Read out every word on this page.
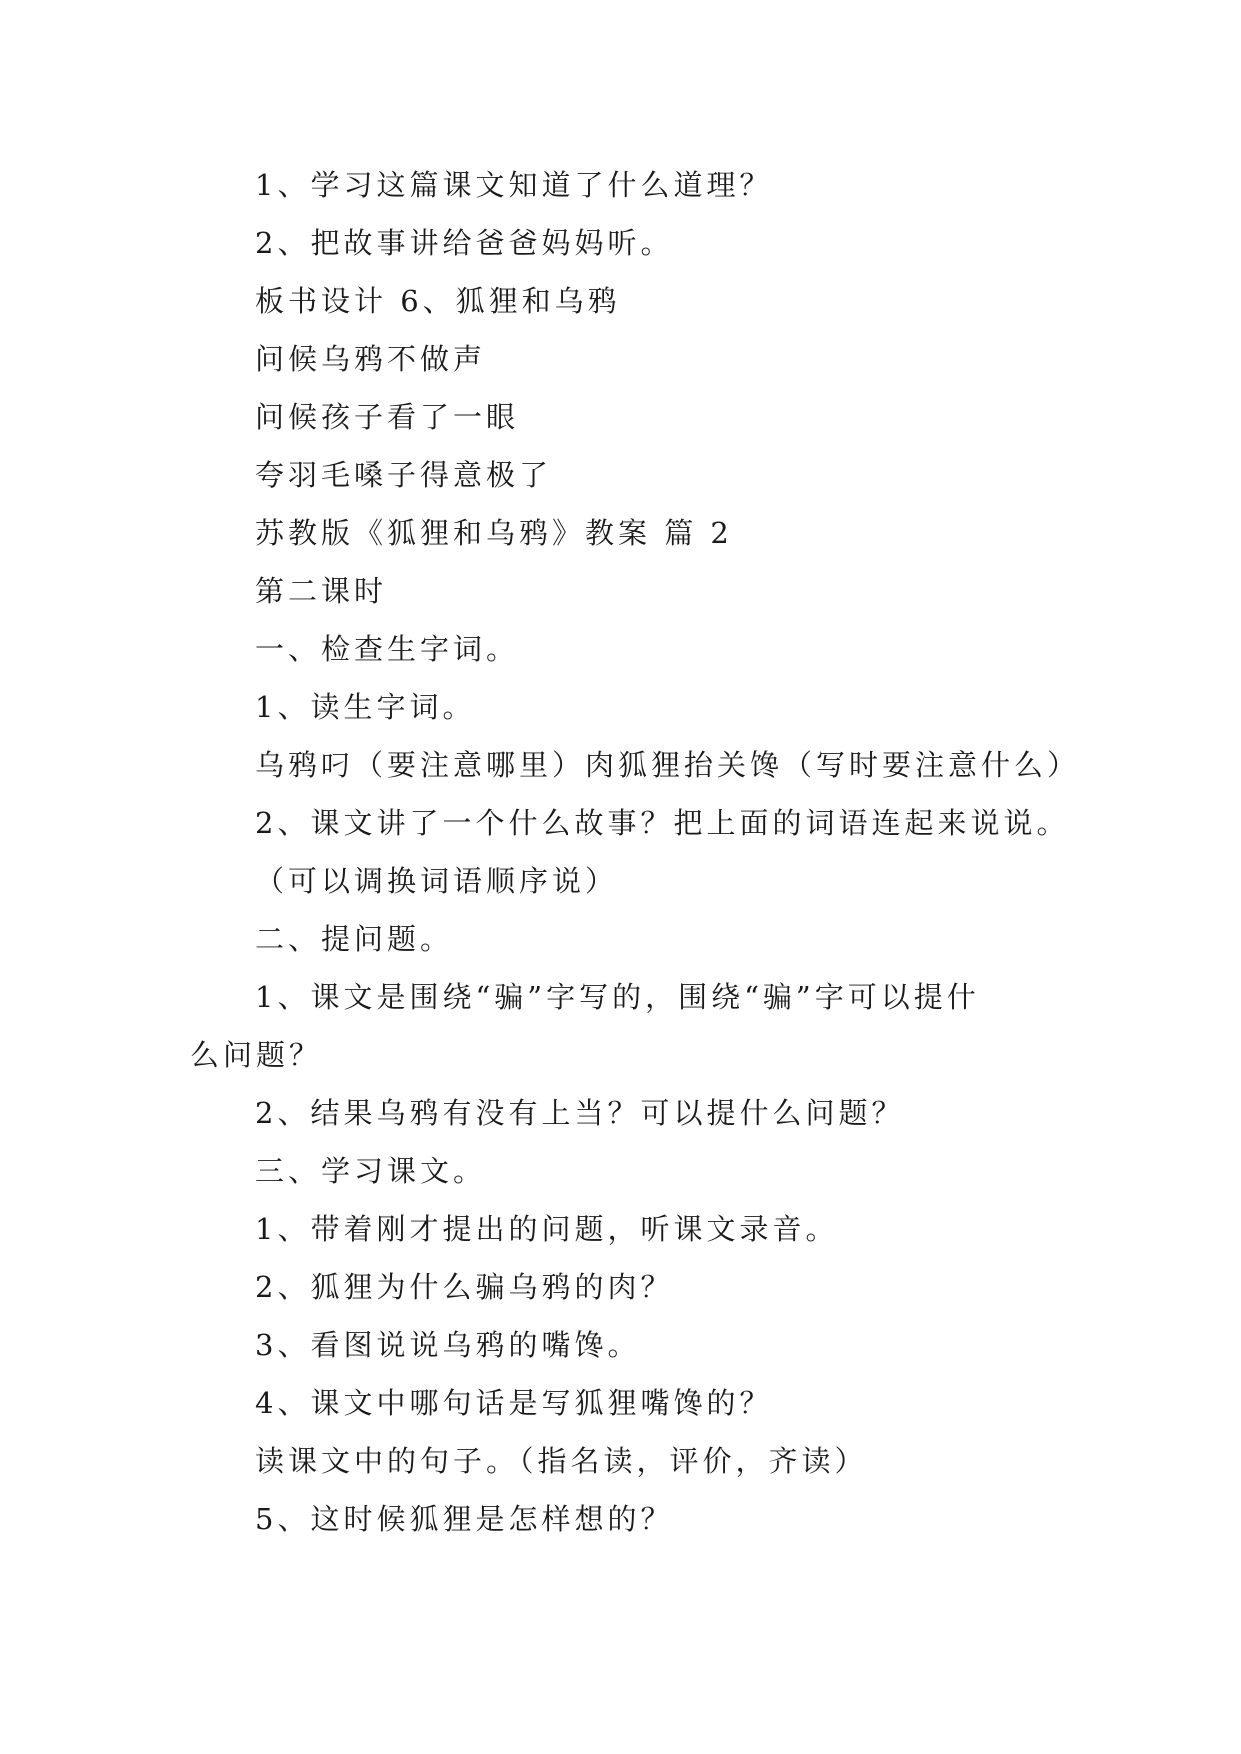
1、学习这篇课文知道了什么道理？
2、把故事讲给爸爸妈妈听。
板书设计 6、狐狸和乌鸦
问候乌鸦不做声
问候孩子看了一眼
夸羽毛嗓子得意极了
苏教版《狐狸和乌鸦》教案 篇 2
第二课时
一、检查生字词。
1、读生字词。
乌鸦叼（要注意哪里）肉狐狸抬关馋（写时要注意什么）
2、课文讲了一个什么故事？把上面的词语连起来说说。
（可以调换词语顺序说）
二、提问题。
1、课文是围绕“骗”字写的，围绕“骗”字可以提什
么问题？
2、结果乌鸦有没有上当？可以提什么问题？
三、学习课文。
1、带着刚才提出的问题，听课文录音。
2、狐狸为什么骗乌鸦的肉？
3、看图说说乌鸦的嘴馋。
4、课文中哪句话是写狐狸嘴馋的？
读课文中的句子。（指名读，评价，齐读）
5、这时候狐狸是怎样想的？
